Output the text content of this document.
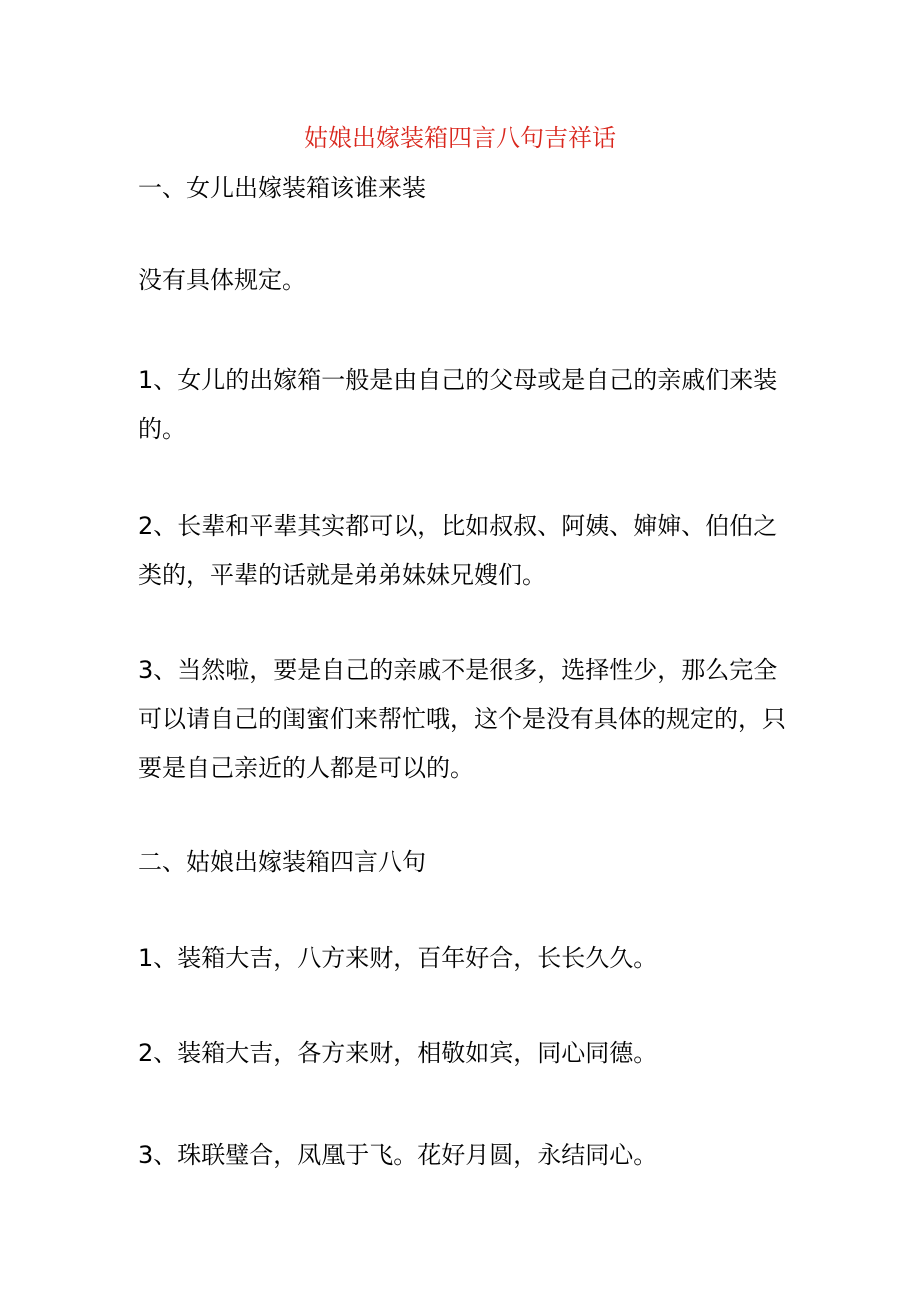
姑娘出嫁装箱四言八句吉祥话
一、女儿出嫁装箱该谁来装
没有具体规定。
1、女儿的出嫁箱一般是由自己的父母或是自己的亲戚们来装的。
2、长辈和平辈其实都可以，比如叔叔、阿姨、婶婶、伯伯之类的，平辈的话就是弟弟妹妹兄嫂们。
3、当然啦，要是自己的亲戚不是很多，选择性少，那么完全可以请自己的闺蜜们来帮忙哦，这个是没有具体的规定的，只要是自己亲近的人都是可以的。
二、姑娘出嫁装箱四言八句
1、装箱大吉，八方来财，百年好合，长长久久。
2、装箱大吉，各方来财，相敬如宾，同心同德。
3、珠联璧合，凤凰于飞。花好月圆，永结同心。
